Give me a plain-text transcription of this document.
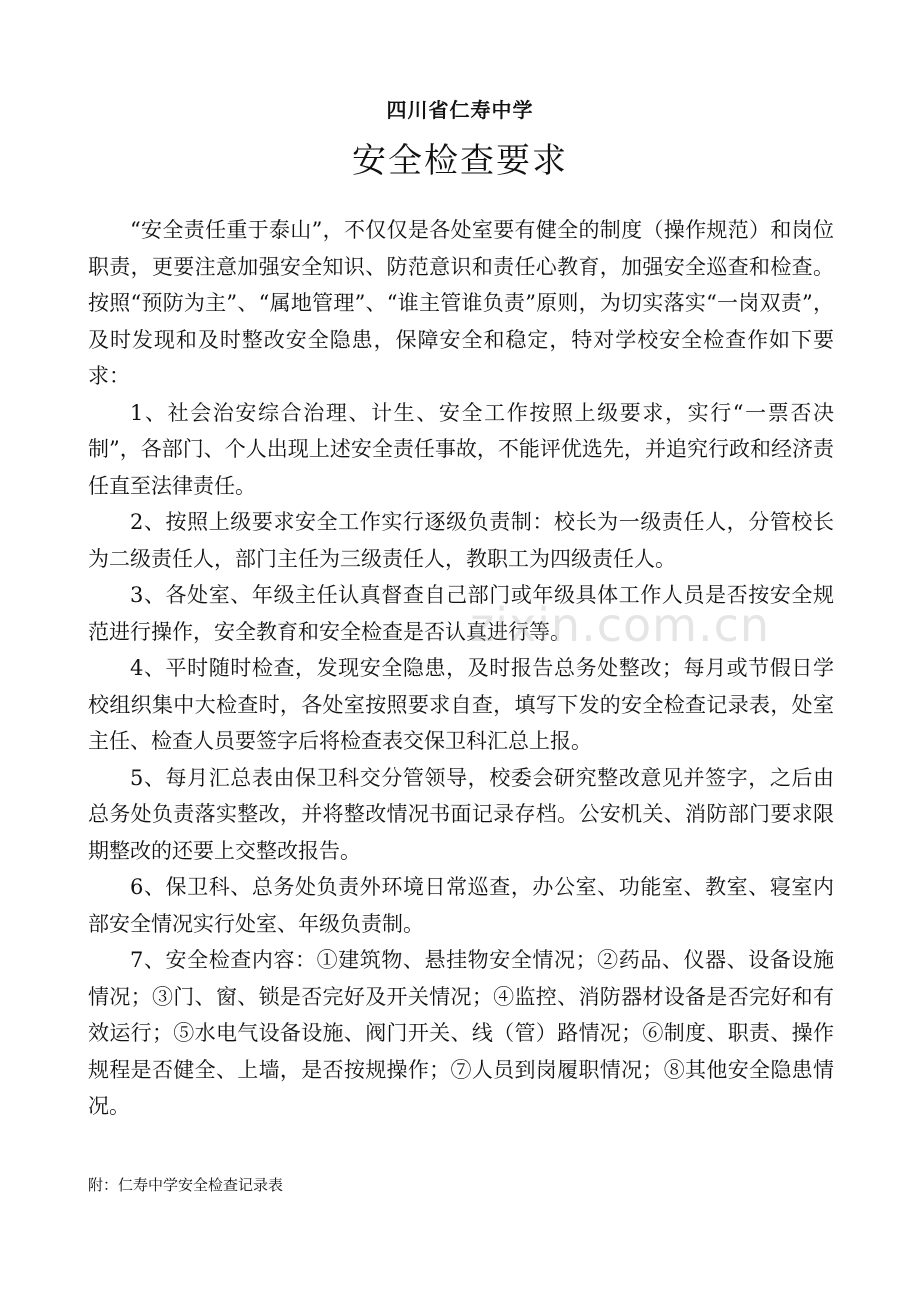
四川省仁寿中学
安全检查要求

“安全责任重于泰山”，不仅仅是各处室要有健全的制度（操作规范）和岗位职责，更要注意加强安全知识、防范意识和责任心教育，加强安全巡查和检查。按照“预防为主”、“属地管理”、“谁主管谁负责”原则，为切实落实“一岗双责”，及时发现和及时整改安全隐患，保障安全和稳定，特对学校安全检查作如下要求：

1、社会治安综合治理、计生、安全工作按照上级要求，实行“一票否决制”，各部门、个人出现上述安全责任事故，不能评优选先，并追究行政和经济责任直至法律责任。

2、按照上级要求安全工作实行逐级负责制：校长为一级责任人，分管校长为二级责任人，部门主任为三级责任人，教职工为四级责任人。

3、各处室、年级主任认真督查自己部门或年级具体工作人员是否按安全规范进行操作，安全教育和安全检查是否认真进行等。

4、平时随时检查，发现安全隐患，及时报告总务处整改；每月或节假日学校组织集中大检查时，各处室按照要求自查，填写下发的安全检查记录表，处室主任、检查人员要签字后将检查表交保卫科汇总上报。

5、每月汇总表由保卫科交分管领导，校委会研究整改意见并签字，之后由总务处负责落实整改，并将整改情况书面记录存档。公安机关、消防部门要求限期整改的还要上交整改报告。

6、保卫科、总务处负责外环境日常巡查，办公室、功能室、教室、寝室内部安全情况实行处室、年级负责制。

7、安全检查内容：①建筑物、悬挂物安全情况；②药品、仪器、设备设施情况；③门、窗、锁是否完好及开关情况；④监控、消防器材设备是否完好和有效运行；⑤水电气设备设施、阀门开关、线（管）路情况；⑥制度、职责、操作规程是否健全、上墙，是否按规操作；⑦人员到岗履职情况；⑧其他安全隐患情况。

zixin.com.cn
附：仁寿中学安全检查记录表
